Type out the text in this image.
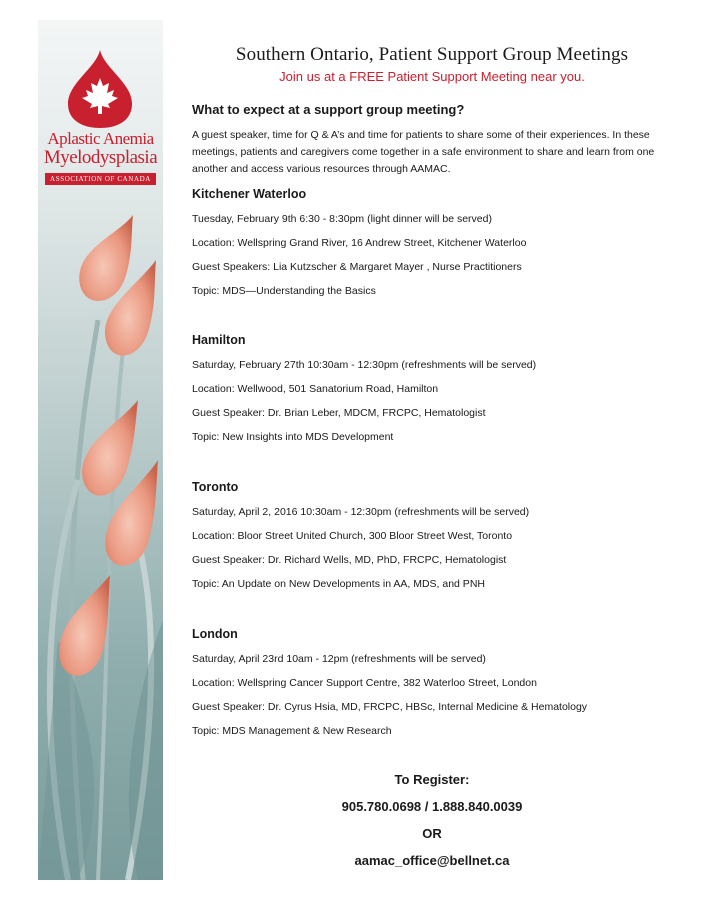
Aplastic Anemia
Myelodysplasia
ASSOCIATION OF CANADA
Southern Ontario, Patient Support Group Meetings
Join us at a FREE Patient Support Meeting near you.
What to expect at a support group meeting?
A guest speaker, time for Q & A’s and time for patients to share some of their experiences. In these meetings, patients and caregivers come together in a safe environment to share and learn from one another and access various resources through AAMAC.
Kitchener Waterloo
Tuesday, February 9th 6:30 - 8:30pm (light dinner will be served)
Location: Wellspring Grand River, 16 Andrew Street, Kitchener Waterloo
Guest Speakers: Lia Kutzscher & Margaret Mayer , Nurse Practitioners
Topic: MDS—Understanding the Basics
Hamilton
Saturday, February 27th 10:30am - 12:30pm (refreshments will be served)
Location: Wellwood, 501 Sanatorium Road, Hamilton
Guest Speaker: Dr. Brian Leber, MDCM, FRCPC, Hematologist
Topic: New Insights into MDS Development
Toronto
Saturday, April 2, 2016 10:30am - 12:30pm (refreshments will be served)
Location: Bloor Street United Church, 300 Bloor Street West, Toronto
Guest Speaker: Dr. Richard Wells, MD, PhD, FRCPC, Hematologist
Topic: An Update on New Developments in AA, MDS, and PNH
London
Saturday, April 23rd 10am - 12pm (refreshments will be served)
Location: Wellspring Cancer Support Centre, 382 Waterloo Street, London
Guest Speaker: Dr. Cyrus Hsia, MD, FRCPC, HBSc, Internal Medicine & Hematology
Topic: MDS Management & New Research
To Register:
905.780.0698 / 1.888.840.0039
OR
aamac_office@bellnet.ca
